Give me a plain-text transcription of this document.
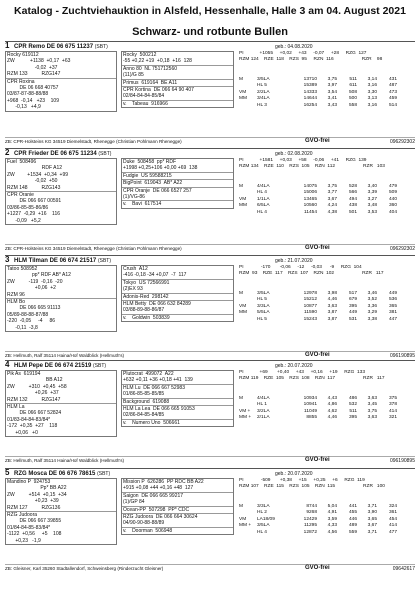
Katalog - Zuchtviehauktion in Alsfeld, Hessenhalle, Halle 3 am 04. August 2021
Schwarz- und rotbunte Bullen
1 CPR Remo DE 06 675 11237 (SBT)	geb.: 04.08.2020
Rocky 619112
ZW           +1138  +0,17  +63
-0,02  +37
RZM 133          RZG147
CPR Roxina
DE 06 668 40757
03/87-87-88-88/88
+968  -0,14   +23    109
-0,13   +4,9
Rocky  500212
-55 +0,22 +19  +0,18  +16  128
Anno 80  NL 751712560
(11)/G 85
Primus  619164  BE A11
CPR Kortina  DE 066 64 90 407
02/84-84-84-85/84
v.    Tabeau  916966
PI            +1055     +0,02     +43     -0,07     +28     RZG  127
RZM 124    RZE  118    RZS  95     RZN  116                     RZR    98
M	3/5LA	13710 3,75	511 3,14 431
HL 5	15389 3,97	611 3,16 487
VM 2/2LA	14333 3,54 508 3,30 473
MM 3/4LA	14644 3,41 500 3,13 459
HL 3	16254 3,43 558 3,16 514
ZB: CPR-Holsteins KG 34519 Diemelstadt, Rhenegge (Christian Pohlmann Rhenegge)	GVO-frei	096292302
2 CPR Frieder DE 06 675 11234 (SBT)	geb.: 02.08.2020
Fuel  508496
RDF A12
ZW         +1534  +0,34  +99
-0,02  +50
RZM 148          RZG143
CPR Oranie
DE 066 667 00591
03/86-85-85-86/86
+1227  -0,29  +16    116
-0,09   +5,2
Duke  508458  pp* RDF
+1998 +0,25+106 +0,00 +69  138
Fudgie  US 59588215
BigPoint  619043  AB* A22
CPR Oranje  DE 066 6527 257
(1)/VG-86
v.    Bavi  617514
PI            +1581     +0,03     +58     -0,06     +41     RZG  139
RZM 134    RZE  110    RZS  105    RZN  112                     RZR   103
M	4/4LA	14075 3,75 528 3,40 479
HL 4	15006 3,77 566 3,39 509
VM 1/1LA	13465 3,67 494 3,27 440
MM 6/5LA	10560 4,24 438 3,48 360
HL 4	11454 4,38 501 3,53 404
ZB: CPR-Holsteins KG 34519 Diemelstadt, Rhenegge (Christian Pohlmann Rhenegge)	GVO-frei	096292302
3 HLM Tilman DE 06 674 21517 (SBT)	geb.: 21.07.2020
Tatoo 508952
pp* RDF AB* A12
ZW          -119  -0,16  -20
+0,06  +2
RZM 96
HLM Bo
DE 066 665 91113
05/89-88-88-87/88
-220  -0,05     -4     86
-0,11  -3,8
Crush  A12
-416 -0,18 -34 +0,07  -7  117
Tokyo  US 72566991
(2)EX 93
Adonis-Red  298142
HLM Betty  DE 066 632 84289
03/88-89-88-86/87
v.    Goldwin  503839
PI             -170       -0,06     -12     -0,03      -9     RZG  104
RZM  93    RZE  117    RZS  107    RZN  102                     RZR   117
M	3/5LA	12978 3,98 517 3,46 449
HL 5	15212 4,46 679 3,52 536
VM 3/3LA	10877 3,63 395 3,36 365
MM 5/5LA	11590 3,87 449 3,29 381
HL 5	15243 3,87 531 3,38 447
ZB: Hellmuth, Ralf 35114 Haina/Hof Waldblick (Hellmuth's)	GVO-frei	096190895
4 HLM Pepe DE 06 674 21519 (SBT)	geb.: 20.07.2020
Pik As  619194
BB A12
ZW          +310  +0,45  +58
+0,26  +37
RZM 132          RZG147
HLM La
DE 066 667 52824
01/83-84-84-83/84*
-172  +0,35  +27    118
+0,06   +0
Plutocrat  499072  A22
+632 +0,11 +36 +0,18 +41  139
HLM Lu  DE 066 667 52983
01/86-85-85-85/85
Background  619088
HLM La Lea  DE 066 665 91053
02/86-84-85-84/85
v.    Numero Uno  506661
PI            +69       +0,40     +43     +0,16     +19     RZG  133
RZM 119    RZE  105    RZS  108    RZN  117                     RZR   117
M	4/4LA	10934 4,43 486 3,63 375
HL 1	10941 4,86 532 3,45 378
VM + 3/2LA	11049 4,62	511 3,75 414
MM + 2/1LA	8855 4,46 395 3,63 321
ZB: Hellmuth, Ralf 35114 Haina/Hof Waldblick (Hellmuth's)	GVO-frei	096190895
5 RZG Mosca DE 06 676 78615 (SBT)	geb.: 20.07.2020
Mandino P  924753
Pp* BB A22
ZW          +514  +0,15  +34
+0,23  +39
RZM 127          RZG136
RZG Judoora
DE 066 667 39855
01/84-84-85-83/84*
-1122  +0,56     +5    108
+0,23   -1,9
Mission P  626286  PP RDC BB A22
+915 +0,08 +44 +0,16 +48  127
Saigon  DE 066 665 99217
(1)/GP 84
Ocean-PP  507298  PP* CDC
RZG Judoora  DE 066 664 30624
04/90-90-88-88/89
v.    Doorman  506948
PI             -509       +0,38     +15     +0,25     +6     RZG  119
RZM 107    RZE  115    RZS  105    RZN  115                     RZR   100
M	3/3LA	8744 5,04 441 3,71 324
HL 2	9268 4,91 455 3,90 361
VM LA18/09	12429 3,59 446 3,65 454
MM + 3/5LA	11295 4,33 489 3,67 414
HL 4	12872 4,56 559 3,71 477
ZB: Gleisner, Karl 35260 Stadtallendorf, Schweinsberg (Rinderzucht Gleisner)	GVO-frei	09642617
